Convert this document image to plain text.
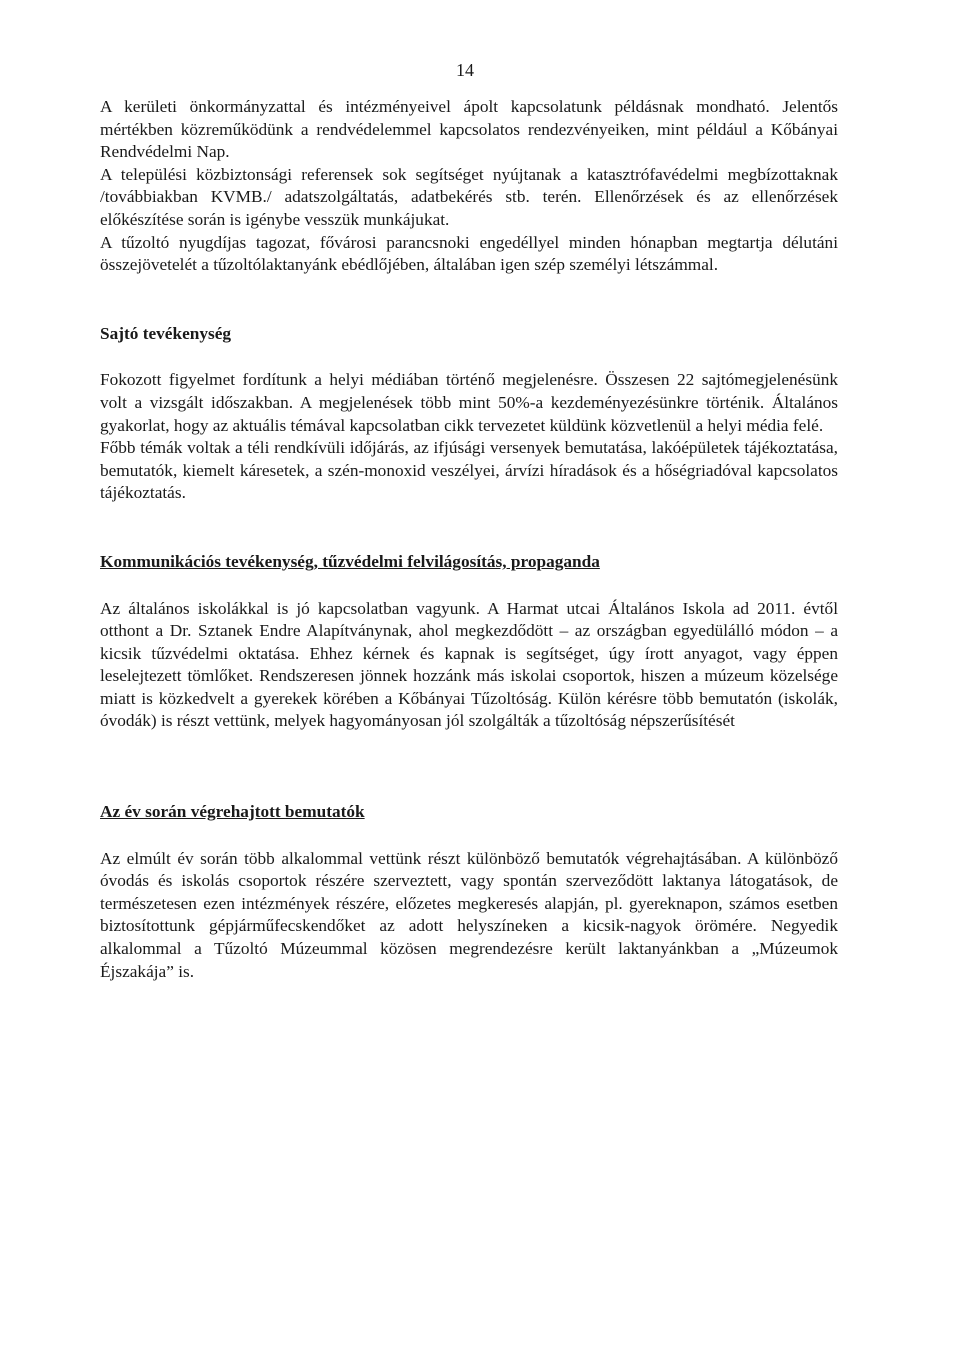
14

A kerületi önkormányzattal és intézményeivel ápolt kapcsolatunk példásnak mondható. Jelentős mértékben közreműködünk a rendvédelemmel kapcsolatos rendezvényeiken, mint például a Kőbányai Rendvédelmi Nap.

A települési közbiztonsági referensek sok segítséget nyújtanak a katasztrófavédelmi megbízottaknak /továbbiakban KVMB./ adatszolgáltatás, adatbekérés stb. terén. Ellenőrzések és az ellenőrzések előkészítése során is igénybe vesszük munkájukat.

A tűzoltó nyugdíjas tagozat, fővárosi parancsnoki engedéllyel minden hónapban megtartja délutáni összejövetelét a tűzoltólaktanyánk ebédlőjében, általában igen szép személyi létszámmal.

Sajtó tevékenység

Fokozott figyelmet fordítunk a helyi médiában történő megjelenésre. Összesen 22 sajtómegjelenésünk volt a vizsgált időszakban. A megjelenések több mint 50%-a kezdeményezésünkre történik. Általános gyakorlat, hogy az aktuális témával kapcsolatban cikk tervezetet küldünk közvetlenül a helyi média felé.

Főbb témák voltak a téli rendkívüli időjárás, az ifjúsági versenyek bemutatása, lakóépületek tájékoztatása, bemutatók, kiemelt káresetek, a szén-monoxid veszélyei, árvízi híradások és a hőségriadóval kapcsolatos tájékoztatás.

Kommunikációs tevékenység, tűzvédelmi felvilágosítás, propaganda

Az általános iskolákkal is jó kapcsolatban vagyunk. A Harmat utcai Általános Iskola ad 2011. évtől otthont a Dr. Sztanek Endre Alapítványnak, ahol megkezdődött – az országban egyedülálló módon – a kicsik tűzvédelmi oktatása. Ehhez kérnek és kapnak is segítséget, úgy írott anyagot, vagy éppen leselejtezett tömlőket. Rendszeresen jönnek hozzánk más iskolai csoportok, hiszen a múzeum közelsége miatt is közkedvelt a gyerekek körében a Kőbányai Tűzoltóság. Külön kérésre több bemutatón (iskolák, óvodák) is részt vettünk, melyek hagyományosan jól szolgálták a tűzoltóság népszerűsítését

Az év során végrehajtott bemutatók

Az elmúlt év során több alkalommal vettünk részt különböző bemutatók végrehajtásában. A különböző óvodás és iskolás csoportok részére szerveztett, vagy spontán szerveződött laktanya látogatások, de természetesen ezen intézmények részére, előzetes megkeresés alapján, pl. gyereknapon, számos esetben biztosítottunk gépjárműfecskendőket az adott helyszíneken a kicsik-nagyok örömére. Negyedik alkalommal a Tűzoltó Múzeummal közösen megrendezésre került laktanyánkban a „Múzeumok Éjszakája” is.
